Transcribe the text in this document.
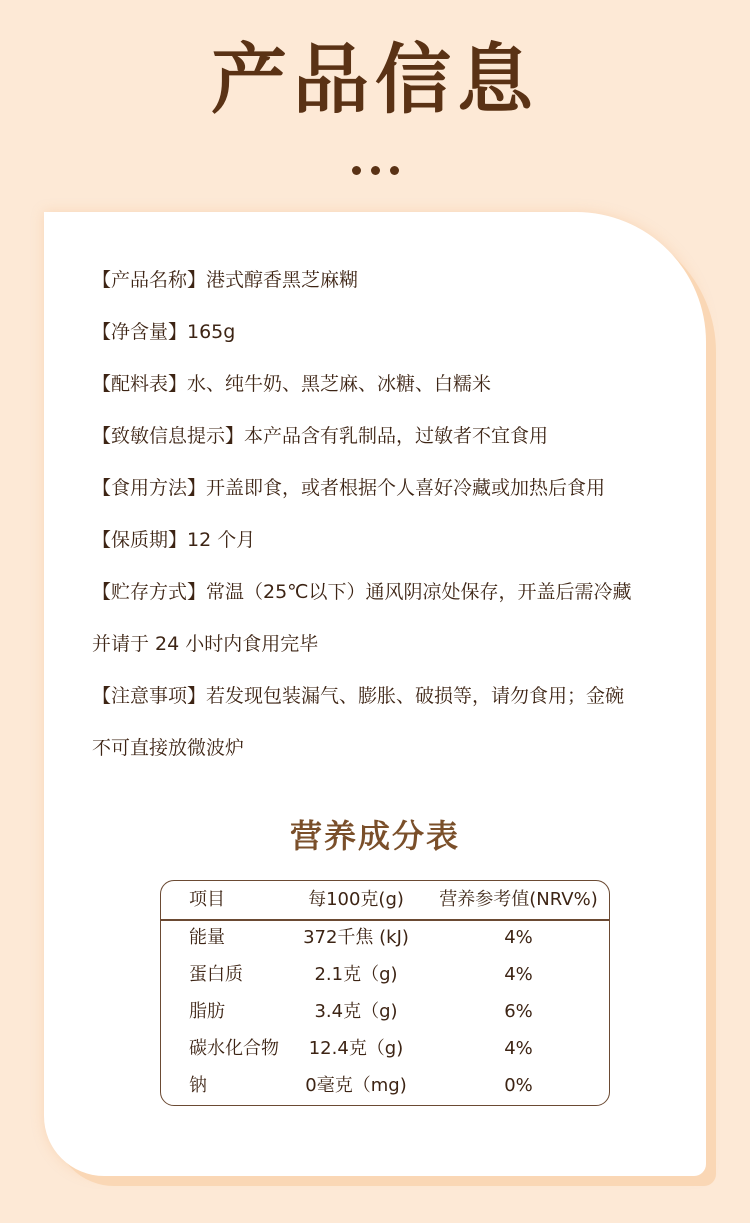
产品信息
【产品名称】港式醇香黑芝麻糊
【净含量】165g
【配料表】水、纯牛奶、黑芝麻、冰糖、白糯米
【致敏信息提示】本产品含有乳制品，过敏者不宜食用
【食用方法】开盖即食，或者根据个人喜好冷藏或加热后食用
【保质期】12 个月
【贮存方式】常温（25℃以下）通风阴凉处保存，开盖后需冷藏
并请于 24 小时内食用完毕
【注意事项】若发现包装漏气、膨胀、破损等，请勿食用；金碗
不可直接放微波炉
营养成分表
项目	每100克(g)	营养参考值(NRV%)
能量	372千焦 (kJ)	4%
蛋白质	2.1克（g)	4%
脂肪	3.4克（g)	6%
碳水化合物	12.4克（g)	4%
钠	0毫克（mg)	0%
